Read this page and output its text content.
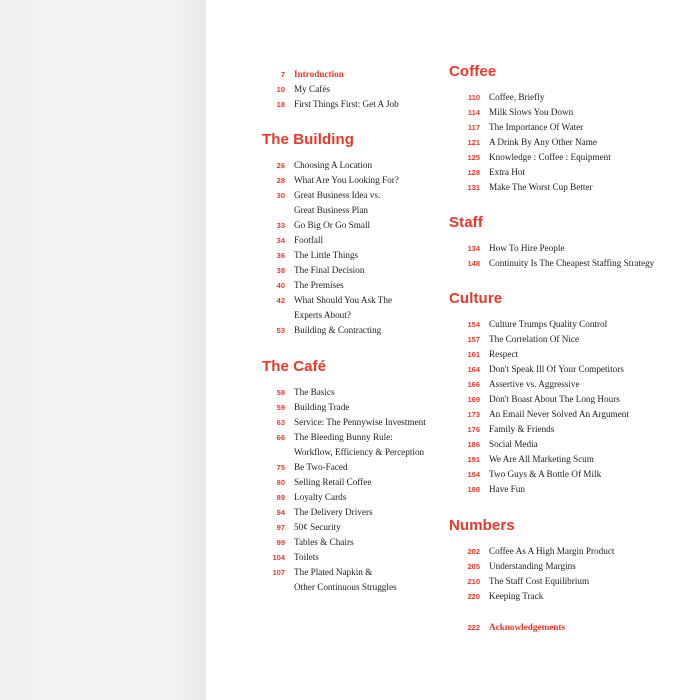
7 Introduction
10 My Cafés
18 First Things First: Get A Job
The Building
26 Choosing A Location
28 What Are You Looking For?
30 Great Business Idea vs.
Great Business Plan
33 Go Big Or Go Small
34 Footfall
36 The Little Things
38 The Final Decision
40 The Premises
42 What Should You Ask The
Experts About?
53 Building & Contracting
The Café
58 The Basics
59 Building Trade
63 Service: The Pennywise Investment
66 The Bleeding Bunny Rule:
Workflow, Efficiency & Perception
75 Be Two-Faced
80 Selling Retail Coffee
89 Loyalty Cards
94 The Delivery Drivers
97 50¢ Security
99 Tables & Chairs
104 Toilets
107 The Plated Napkin &
Other Continuous Struggles
Coffee
110 Coffee, Briefly
114 Milk Slows You Down
117 The Importance Of Water
121 A Drink By Any Other Name
125 Knowledge : Coffee : Equipment
128 Extra Hot
131 Make The Worst Cup Better
Staff
134 How To Hire People
148 Continuity Is The Cheapest Staffing Strategy
Culture
154 Culture Trumps Quality Control
157 The Correlation Of Nice
161 Respect
164 Don't Speak Ill Of Your Competitors
166 Assertive vs. Aggressive
169 Don't Boast About The Long Hours
173 An Email Never Solved An Argument
176 Family & Friends
186 Social Media
191 We Are All Marketing Scum
194 Two Guys & A Bottle Of Milk
198 Have Fun
Numbers
202 Coffee As A High Margin Product
205 Understanding Margins
210 The Staff Cost Equilibrium
220 Keeping Track
222 Acknowledgements
